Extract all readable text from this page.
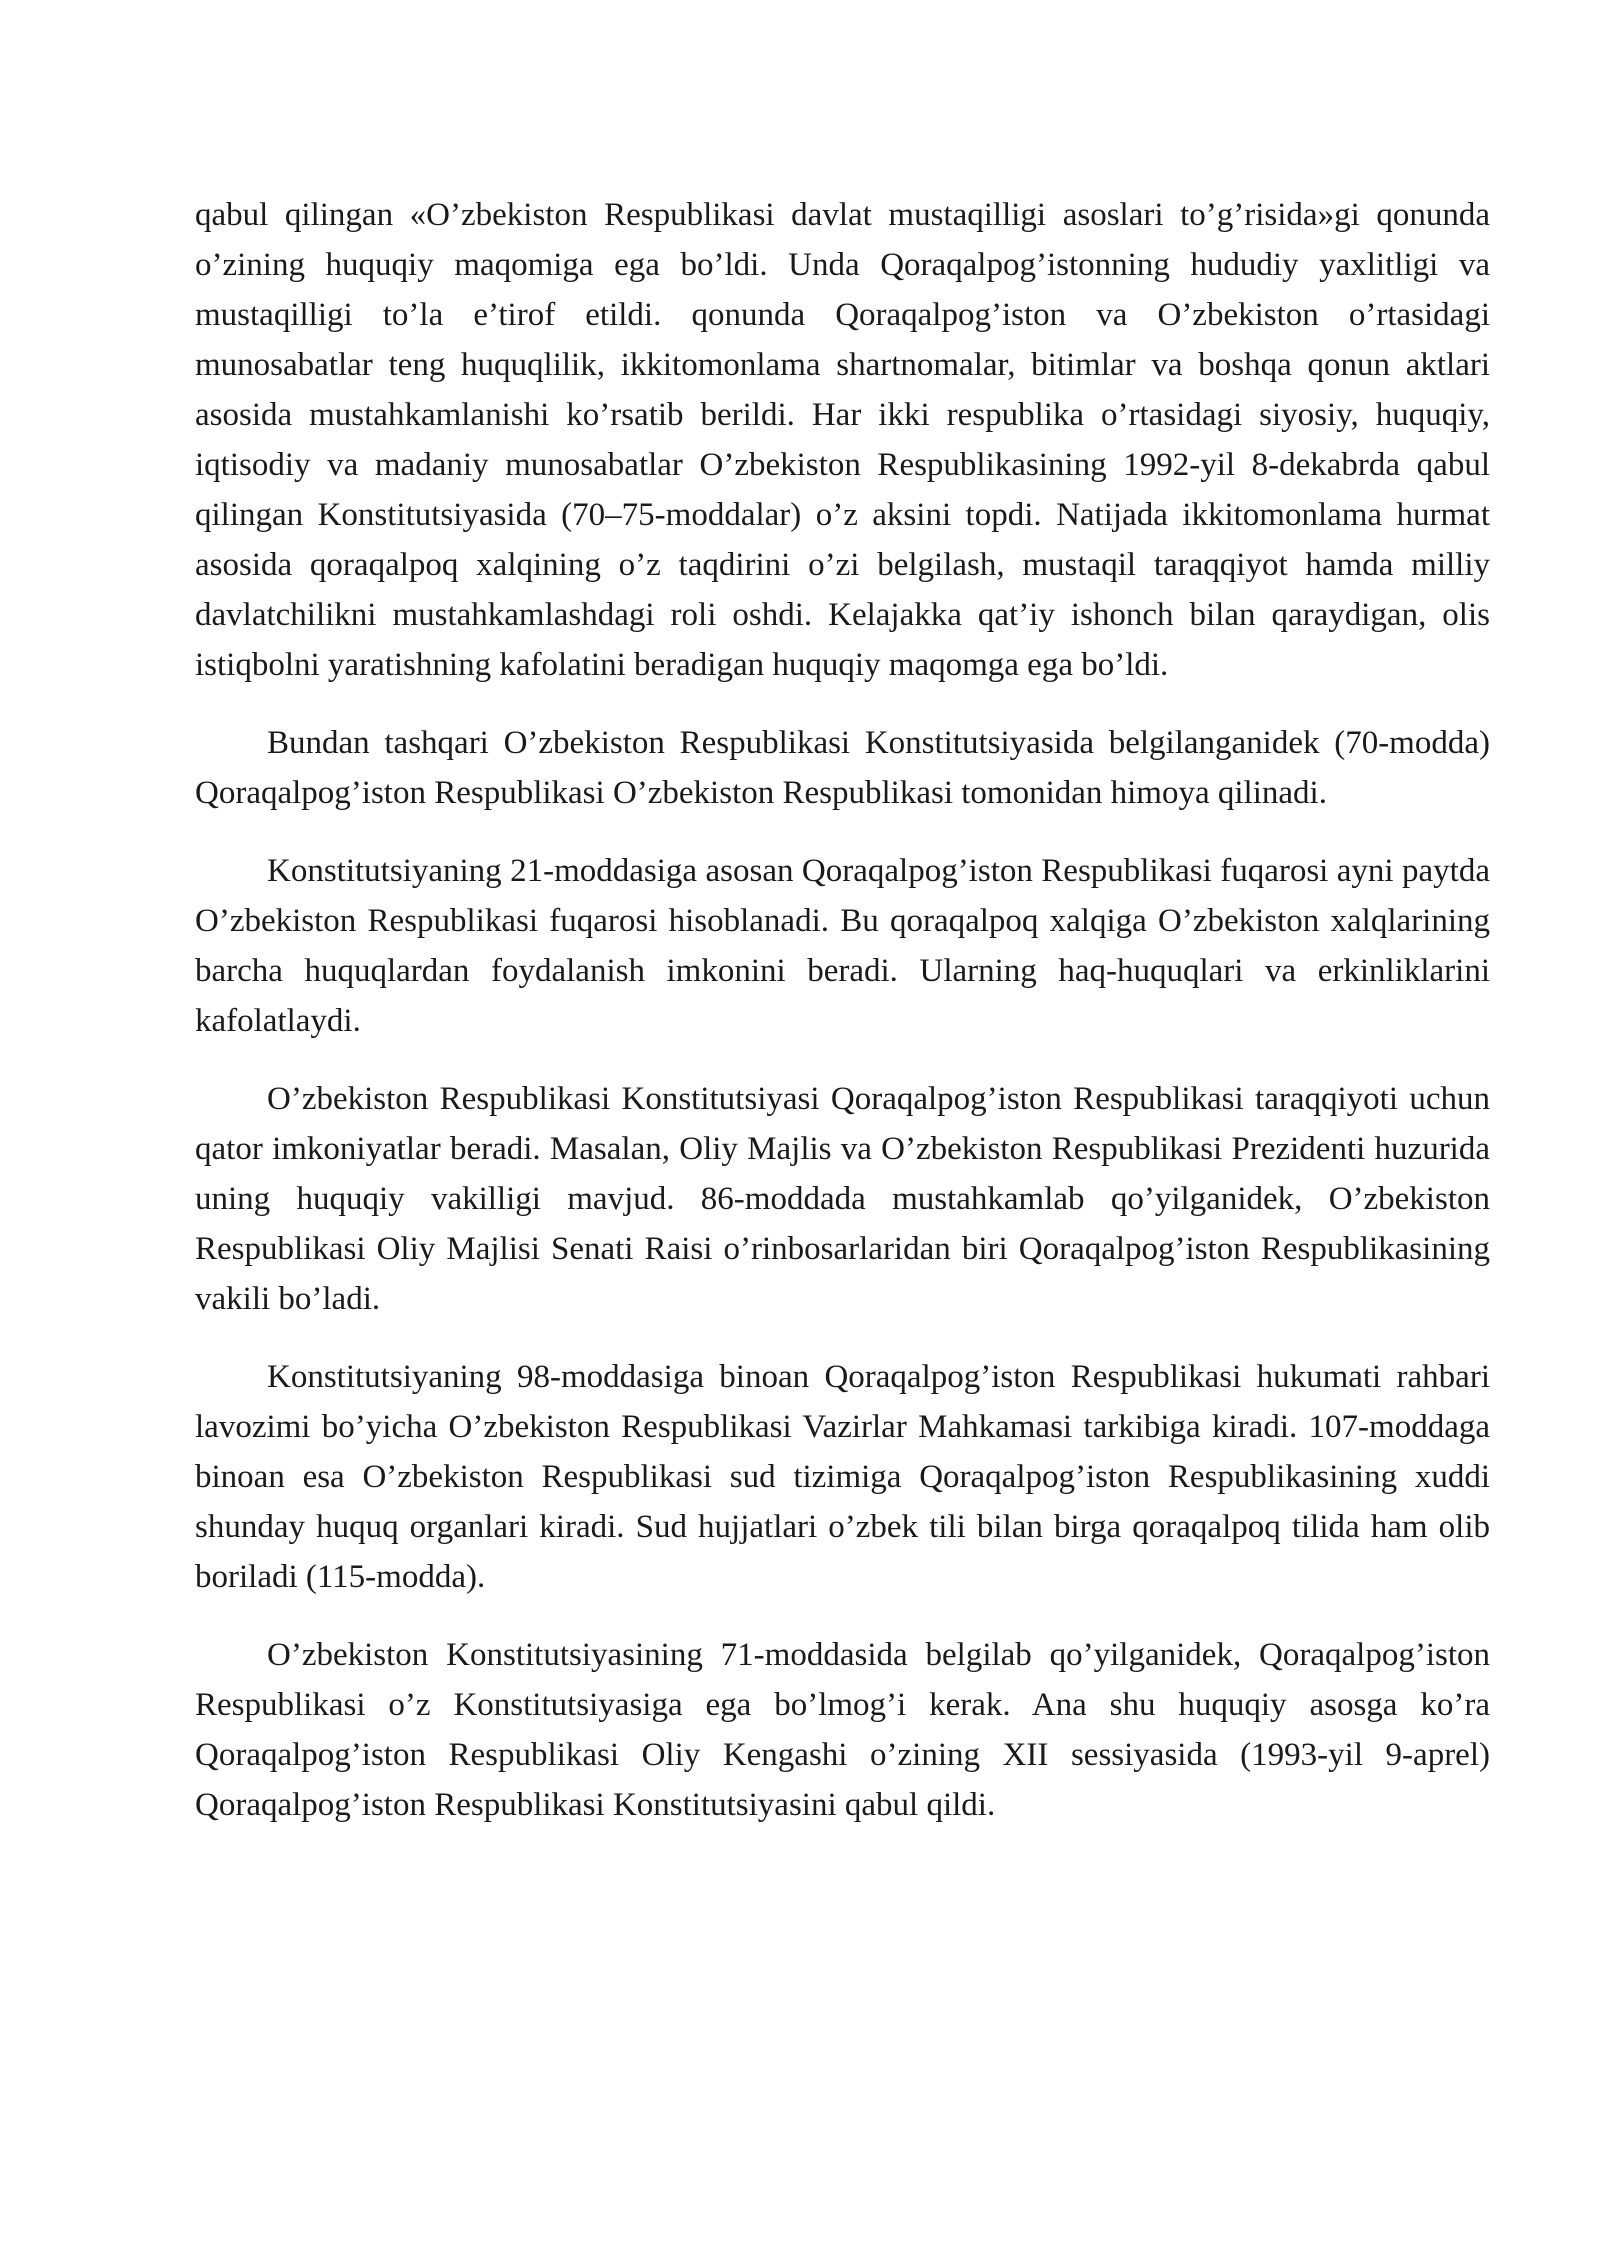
qabul qilingan «O’zbekiston Respublikasi davlat mustaqilligi asoslari to’g’risida»gi qonunda o’zining huquqiy maqomiga ega bo’ldi. Unda Qoraqalpog’istonning hududiy yaxlitligi va mustaqilligi to’la e’tirof etildi. qonunda Qoraqalpog’iston va O’zbekiston o’rtasidagi munosabatlar teng huquqlilik, ikkitomonlama shartnomalar, bitimlar va boshqa qonun aktlari asosida mustahkamlanishi ko’rsatib berildi. Har ikki respublika o’rtasidagi siyosiy, huquqiy, iqtisodiy va madaniy munosabatlar O’zbekiston Respublikasining 1992-yil 8-dekabrda qabul qilingan Konstitutsiyasida (70–75-moddalar) o’z aksini topdi. Natijada ikkitomonlama hurmat asosida qoraqalpoq xalqining o’z taqdirini o’zi belgilash, mustaqil taraqqiyot hamda milliy davlatchilikni mustahkamlashdagi roli oshdi. Kelajakka qat’iy ishonch bilan qaraydigan, olis istiqbolni yaratishning kafolatini beradigan huquqiy maqomga ega bo’ldi.

Bundan tashqari O’zbekiston Respublikasi Konstitutsiyasida belgilanganidek (70-modda) Qoraqalpog’iston Respublikasi O’zbekiston Respublikasi tomonidan himoya qilinadi.

Konstitutsiyaning 21-moddasiga asosan Qoraqalpog’iston Respublikasi fuqarosi ayni paytda O’zbekiston Respublikasi fuqarosi hisoblanadi. Bu qoraqalpoq xalqiga O’zbekiston xalqlarining barcha huquqlardan foydalanish imkonini beradi. Ularning haq-huquqlari va erkinliklarini kafolatlaydi.

O’zbekiston Respublikasi Konstitutsiyasi Qoraqalpog’iston Respublikasi taraqqiyoti uchun qator imkoniyatlar beradi. Masalan, Oliy Majlis va O’zbekiston Respublikasi Prezidenti huzurida uning huquqiy vakilligi mavjud. 86-moddada mustahkamlab qo’yilganidek, O’zbekiston Respublikasi Oliy Majlisi Senati Raisi o’rinbosarlaridan biri Qoraqalpog’iston Respublikasining vakili bo’ladi.

Konstitutsiyaning 98-moddasiga binoan Qoraqalpog’iston Respublikasi hukumati rahbari lavozimi bo’yicha O’zbekiston Respublikasi Vazirlar Mahkamasi tarkibiga kiradi. 107-moddaga binoan esa O’zbekiston Respublikasi sud tizimiga Qoraqalpog’iston Respublikasining xuddi shunday huquq organlari kiradi. Sud hujjatlari o’zbek tili bilan birga qoraqalpoq tilida ham olib boriladi (115-modda).

O’zbekiston Konstitutsiyasining 71-moddasida belgilab qo’yilganidek, Qoraqalpog’iston Respublikasi o’z Konstitutsiyasiga ega bo’lmog’i kerak. Ana shu huquqiy asosga ko’ra Qoraqalpog’iston Respublikasi Oliy Kengashi o’zining XII sessiyasida (1993-yil 9-aprel) Qoraqalpog’iston Respublikasi Konstitutsiyasini qabul qildi.
